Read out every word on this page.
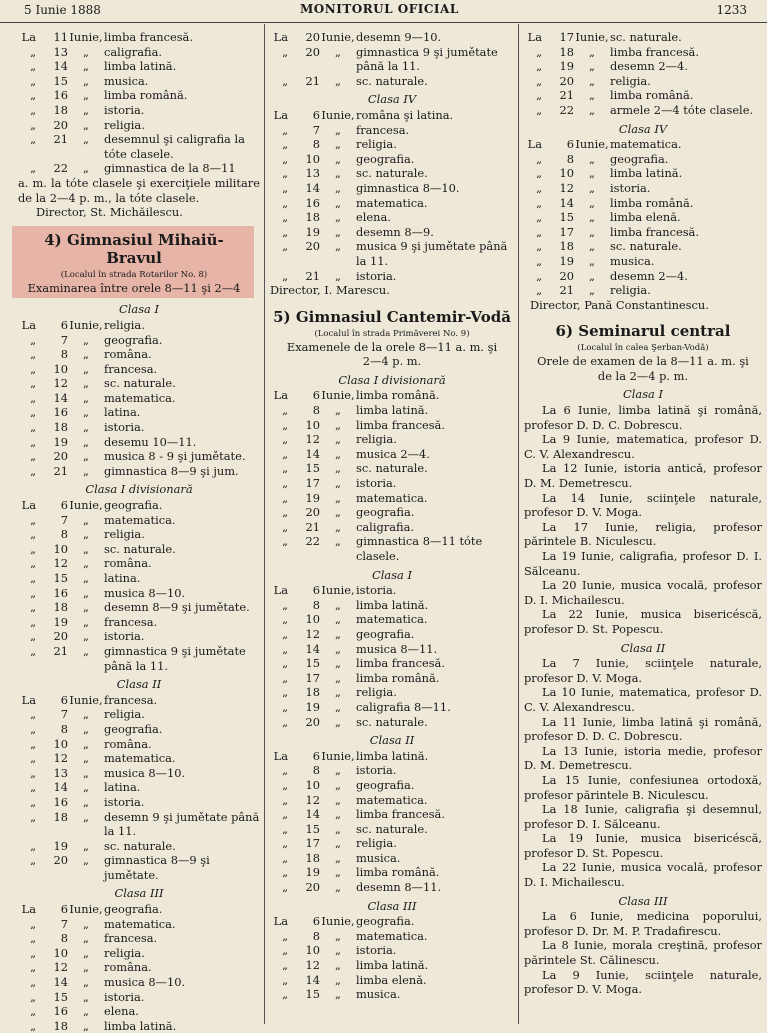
5 Iunie 1888	MONITORUL OFICIAL	1233
La	11 Iunie, limba francesă.
„	13	„	caligrafia.
„	14	„	limba latină.
„	15	„	musica.
„	16	„	limba română.
„	18	„	istoria.
„	20	„	religia.
„	21	„	desemnul şi caligrafia la tóte clasele.
„	22	„	gimnastica de la 8—11
a. m. la tóte clasele şi exerciţiele militare de la 2—4 p. m., la tóte clasele.
Director, St. Michăilescu.
4) Gimnasiul Mihaiŭ-Bravul
(Localul în strada Rotarilor No. 8)
Examinarea între orele 8—11 şi 2—4
Clasa I
La	6 Iunie, religia.
„	7	„	geografia.
„	8	„	româna.
„	10	„	francesa.
„	12	„	sc. naturale.
„	14	„	matematica.
„	16	„	latina.
„	18	„	istoria.
„	19	„	desemu 10—11.
„	20	„	musica 8 - 9 şi jumětate.
„	21	„	gimnastica 8—9 şi jum.
Clasa I divisionară
La	6 Iunie, geografia.
„	7	„	matematica.
„	8	„	religia.
„	10	„	sc. naturale.
„	12	„	româna.
„	15	„	latina.
„	16	„	musica 8—10.
„	18	„	desemn 8—9 şi jumětate.
„	19	„	francesa.
„	20	„	istoria.
„	21	„	gimnastica 9 şi jumětate până la 11.
Clasa II
La	6 Iunie, francesa.
„	7	„	religia.
„	8	„	geografia.
„	10	„	româna.
„	12	„	matematica.
„	13	„	musica 8—10.
„	14	„	latina.
„	16	„	istoria.
„	18	„	desemn 9 şi jumětate până la 11.
„	19	„	sc. naturale.
„	20	„	gimnastica 8—9 şi jumětate.
Clasa III
La	6 Iunie, geografia.
„	7	„	matematica.
„	8	„	francesa.
„	10	„	religia.
„	12	„	româna.
„	14	„	musica 8—10.
„	15	„	istoria.
„	16	„	elena.
„	18	„	limba latină.
La	20 Iunie, desemn 9—10.
„	20	„	gimnastica 9 şi jumětate până la 11.
„	21	„	sc. naturale.
Clasa IV
La	6 Iunie, româna şi latina.
„	7	„	francesa.
„	8	„	religia.
„	10	„	geografia.
„	13	„	sc. naturale.
„	14	„	gimnastica 8—10.
„	16	„	matematica.
„	18	„	elena.
„	19	„	desemn 8—9.
„	20	„	musica 9 şi jumětate până la 11.
„	21	„	istoria.
Director, I. Marescu.
5) Gimnasiul Cantemir-Vodă
(Localul în strada Primăverei No. 9)
Examenele de la orele 8—11 a. m. şi 2—4 p. m.
Clasa I divisionară
La	6 Iunie, limba română.
„	8	„	limba latină.
„	10	„	limba francesă.
„	12	„	religia.
„	14	„	musica 2—4.
„	15	„	sc. naturale.
„	17	„	istoria.
„	19	„	matematica.
„	20	„	geografia.
„	21	„	caligrafia.
„	22	„	gimnastica 8—11 tóte clasele.
Clasa I
La	6 Iunie, istoria.
„	8	„	limba latină.
„	10	„	matematica.
„	12	„	geografia.
„	14	„	musica 8—11.
„	15	„	limba francesă.
„	17	„	limba română.
„	18	„	religia.
„	19	„	caligrafia 8—11.
„	20	„	sc. naturale.
Clasa II
La	6 Iunie, limba latină.
„	8	„	istoria.
„	10	„	geografia.
„	12	„	matematica.
„	14	„	limba francesă.
„	15	„	sc. naturale.
„	17	„	religia.
„	18	„	musica.
„	19	„	limba română.
„	20	„	desemn 8—11.
Clasa III
La	6 Iunie, geografia.
„	8	„	matematica.
„	10	„	istoria.
„	12	„	limba latină.
„	14	„	limba elenă.
„	15	„	musica.
La	17 Iunie, sc. naturale.
„	18	„	limba francesă.
„	19	„	desemn 2—4.
„	20	„	religia.
„	21	„	limba română.
„	22	„	armele 2—4 tóte clasele.
Clasa IV
La	6 Iunie, matematica.
„	8	„	geografia.
„	10	„	limba latină.
„	12	„	istoria.
„	14	„	limba română.
„	15	„	limba elenă.
„	17	„	limba francesă.
„	18	„	sc. naturale.
„	19	„	musica.
„	20	„	desemn 2—4.
„	21	„	religia.
Director, Pană Constantinescu.
6) Seminarul central
(Localul în calea Şerban-Vodă)
Orele de examen de la 8—11 a. m. şi de la 2—4 p. m.
Clasa I
La 6 Iunie, limba latină şi română, profesor D. D. C. Dobrescu.
La 9 Iunie, matematica, profesor D. C. V. Alexandrescu.
La 12 Iunie, istoria antică, profesor D. M. Demetrescu.
La 14 Iunie, sciinţele naturale, profesor D. V. Moga.
La 17 Iunie, religia, profesor părintele B. Niculescu.
La 19 Iunie, caligrafia, profesor D. I. Sălceanu.
La 20 Iunie, musica vocală, profesor D. I. Michailescu.
La 22 Iunie, musica bisericéscă, profesor D. St. Popescu.
Clasa II
La 7 Iunie, sciinţele naturale, profesor D. V. Moga.
La 10 Iunie, matematica, profesor D. C. V. Alexandrescu.
La 11 Iunie, limba latină şi română, profesor D. D. C. Dobrescu.
La 13 Iunie, istoria medie, profesor D. M. Demetrescu.
La 15 Iunie, confesiunea ortodoxă, profesor părintele B. Niculescu.
La 18 Iunie, caligrafia şi desemnul, profesor D. I. Sălceanu.
La 19 Iunie, musica bisericéscă, profesor D. St. Popescu.
La 22 Iunie, musica vocală, profesor D. I. Michailescu.
Clasa III
La 6 Iunie, medicina poporului, profesor D. Dr. M. P. Tradafirescu.
La 8 Iunie, morala creştină, profesor părintele St. Călinescu.
La 9 Iunie, sciinţele naturale, profesor D. V. Moga.
